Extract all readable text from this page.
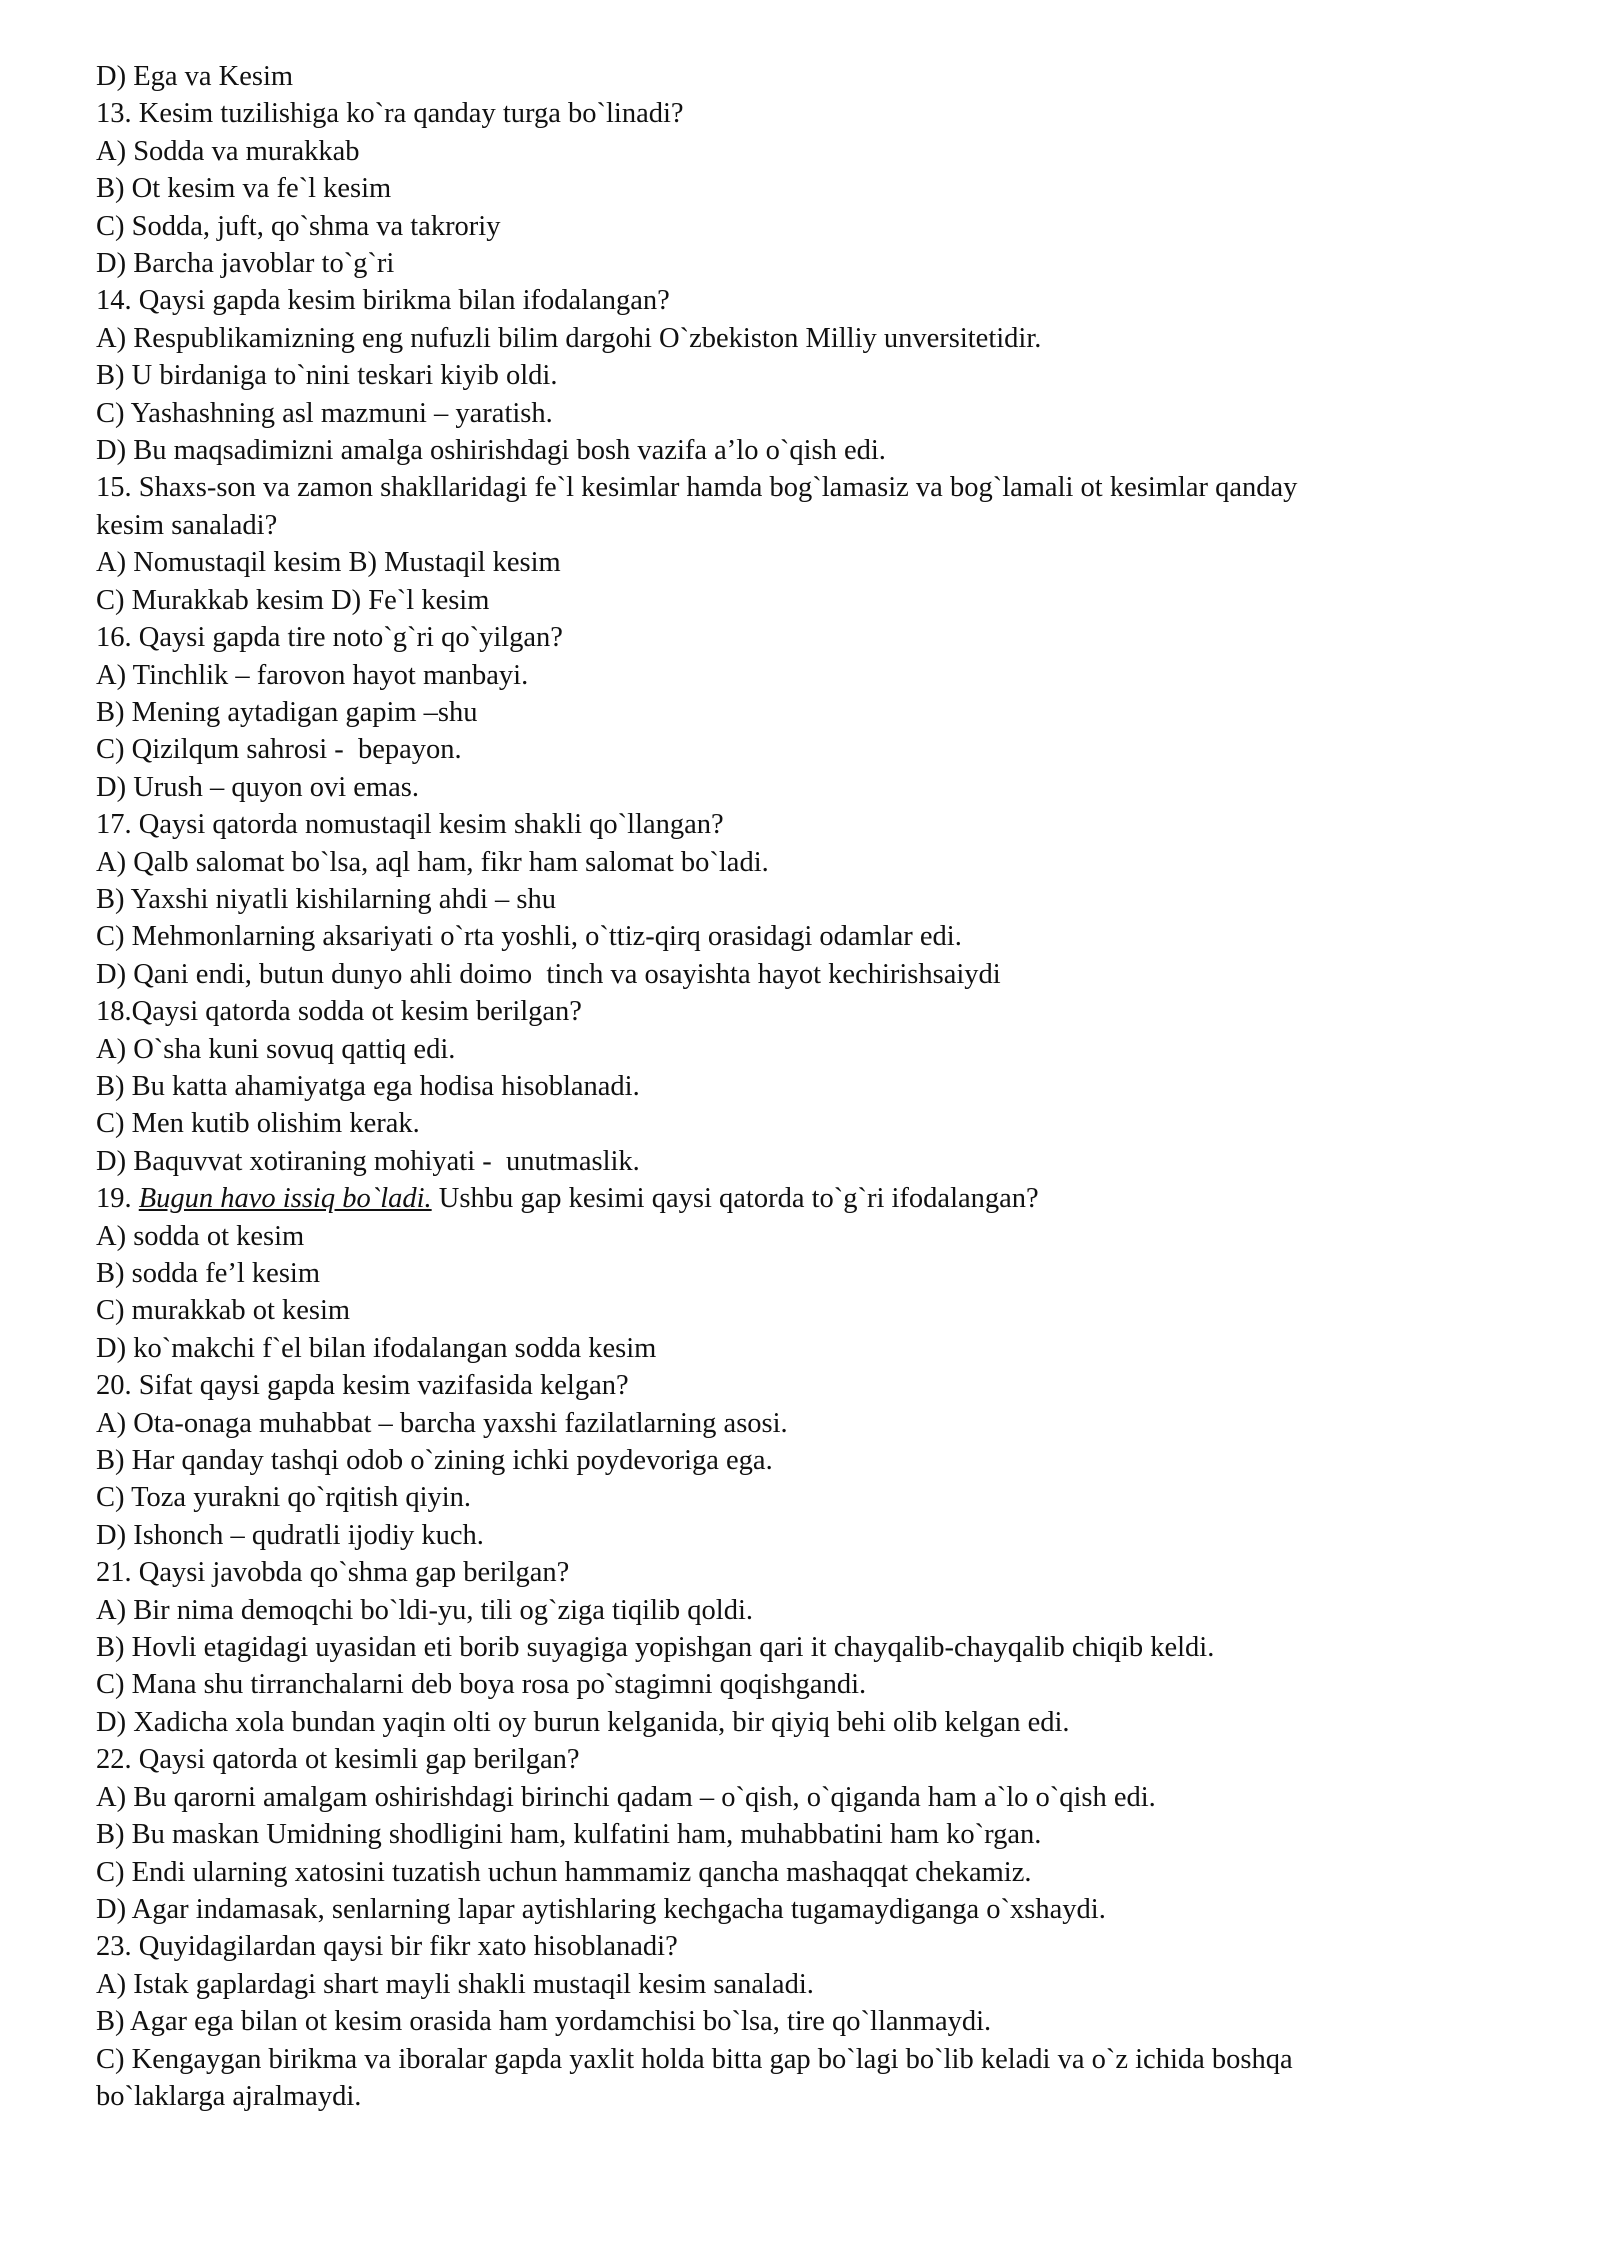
D) Ega va Kesim
13. Kesim tuzilishiga ko`ra qanday turga bo`linadi?
A) Sodda va murakkab
B) Ot kesim va fe`l kesim
C) Sodda, juft, qo`shma va takroriy
D) Barcha javoblar to`g`ri
14. Qaysi gapda kesim birikma bilan ifodalangan?
A) Respublikamizning eng nufuzli bilim dargohi O`zbekiston Milliy unversitetidir.
B) U birdaniga to`nini teskari kiyib oldi.
C) Yashashning asl mazmuni – yaratish.
D) Bu maqsadimizni amalga oshirishdagi bosh vazifa a’lo o`qish edi.
15. Shaxs-son va zamon shakllaridagi fe`l kesimlar hamda bog`lamasiz va bog`lamali ot kesimlar qanday
kesim sanaladi?
A) Nomustaqil kesim B) Mustaqil kesim
C) Murakkab kesim D) Fe`l kesim
16. Qaysi gapda tire noto`g`ri qo`yilgan?
A) Tinchlik – farovon hayot manbayi.
B) Mening aytadigan gapim –shu
C) Qizilqum sahrosi -  bepayon.
D) Urush – quyon ovi emas.
17. Qaysi qatorda nomustaqil kesim shakli qo`llangan?
A) Qalb salomat bo`lsa, aql ham, fikr ham salomat bo`ladi.
B) Yaxshi niyatli kishilarning ahdi – shu
C) Mehmonlarning aksariyati o`rta yoshli, o`ttiz-qirq orasidagi odamlar edi.
D) Qani endi, butun dunyo ahli doimo  tinch va osayishta hayot kechirishsaiydi
18.Qaysi qatorda sodda ot kesim berilgan?
A) O`sha kuni sovuq qattiq edi.
B) Bu katta ahamiyatga ega hodisa hisoblanadi.
C) Men kutib olishim kerak.
D) Baquvvat xotiraning mohiyati -  unutmaslik.
19. Bugun havo issiq bo`ladi. Ushbu gap kesimi qaysi qatorda to`g`ri ifodalangan?
A) sodda ot kesim
B) sodda fe’l kesim
C) murakkab ot kesim
D) ko`makchi f`el bilan ifodalangan sodda kesim
20. Sifat qaysi gapda kesim vazifasida kelgan?
A) Ota-onaga muhabbat – barcha yaxshi fazilatlarning asosi.
B) Har qanday tashqi odob o`zining ichki poydevoriga ega.
C) Toza yurakni qo`rqitish qiyin.
D) Ishonch – qudratli ijodiy kuch.
21. Qaysi javobda qo`shma gap berilgan?
A) Bir nima demoqchi bo`ldi-yu, tili og`ziga tiqilib qoldi.
B) Hovli etagidagi uyasidan eti borib suyagiga yopishgan qari it chayqalib-chayqalib chiqib keldi.
C) Mana shu tirranchalarni deb boya rosa po`stagimni qoqishgandi.
D) Xadicha xola bundan yaqin olti oy burun kelganida, bir qiyiq behi olib kelgan edi.
22. Qaysi qatorda ot kesimli gap berilgan?
A) Bu qarorni amalgam oshirishdagi birinchi qadam – o`qish, o`qiganda ham a`lo o`qish edi.
B) Bu maskan Umidning shodligini ham, kulfatini ham, muhabbatini ham ko`rgan.
C) Endi ularning xatosini tuzatish uchun hammamiz qancha mashaqqat chekamiz.
D) Agar indamasak, senlarning lapar aytishlaring kechgacha tugamaydiganga o`xshaydi.
23. Quyidagilardan qaysi bir fikr xato hisoblanadi?
A) Istak gaplardagi shart mayli shakli mustaqil kesim sanaladi.
B) Agar ega bilan ot kesim orasida ham yordamchisi bo`lsa, tire qo`llanmaydi.
C) Kengaygan birikma va iboralar gapda yaxlit holda bitta gap bo`lagi bo`lib keladi va o`z ichida boshqa
bo`laklarga ajralmaydi.
